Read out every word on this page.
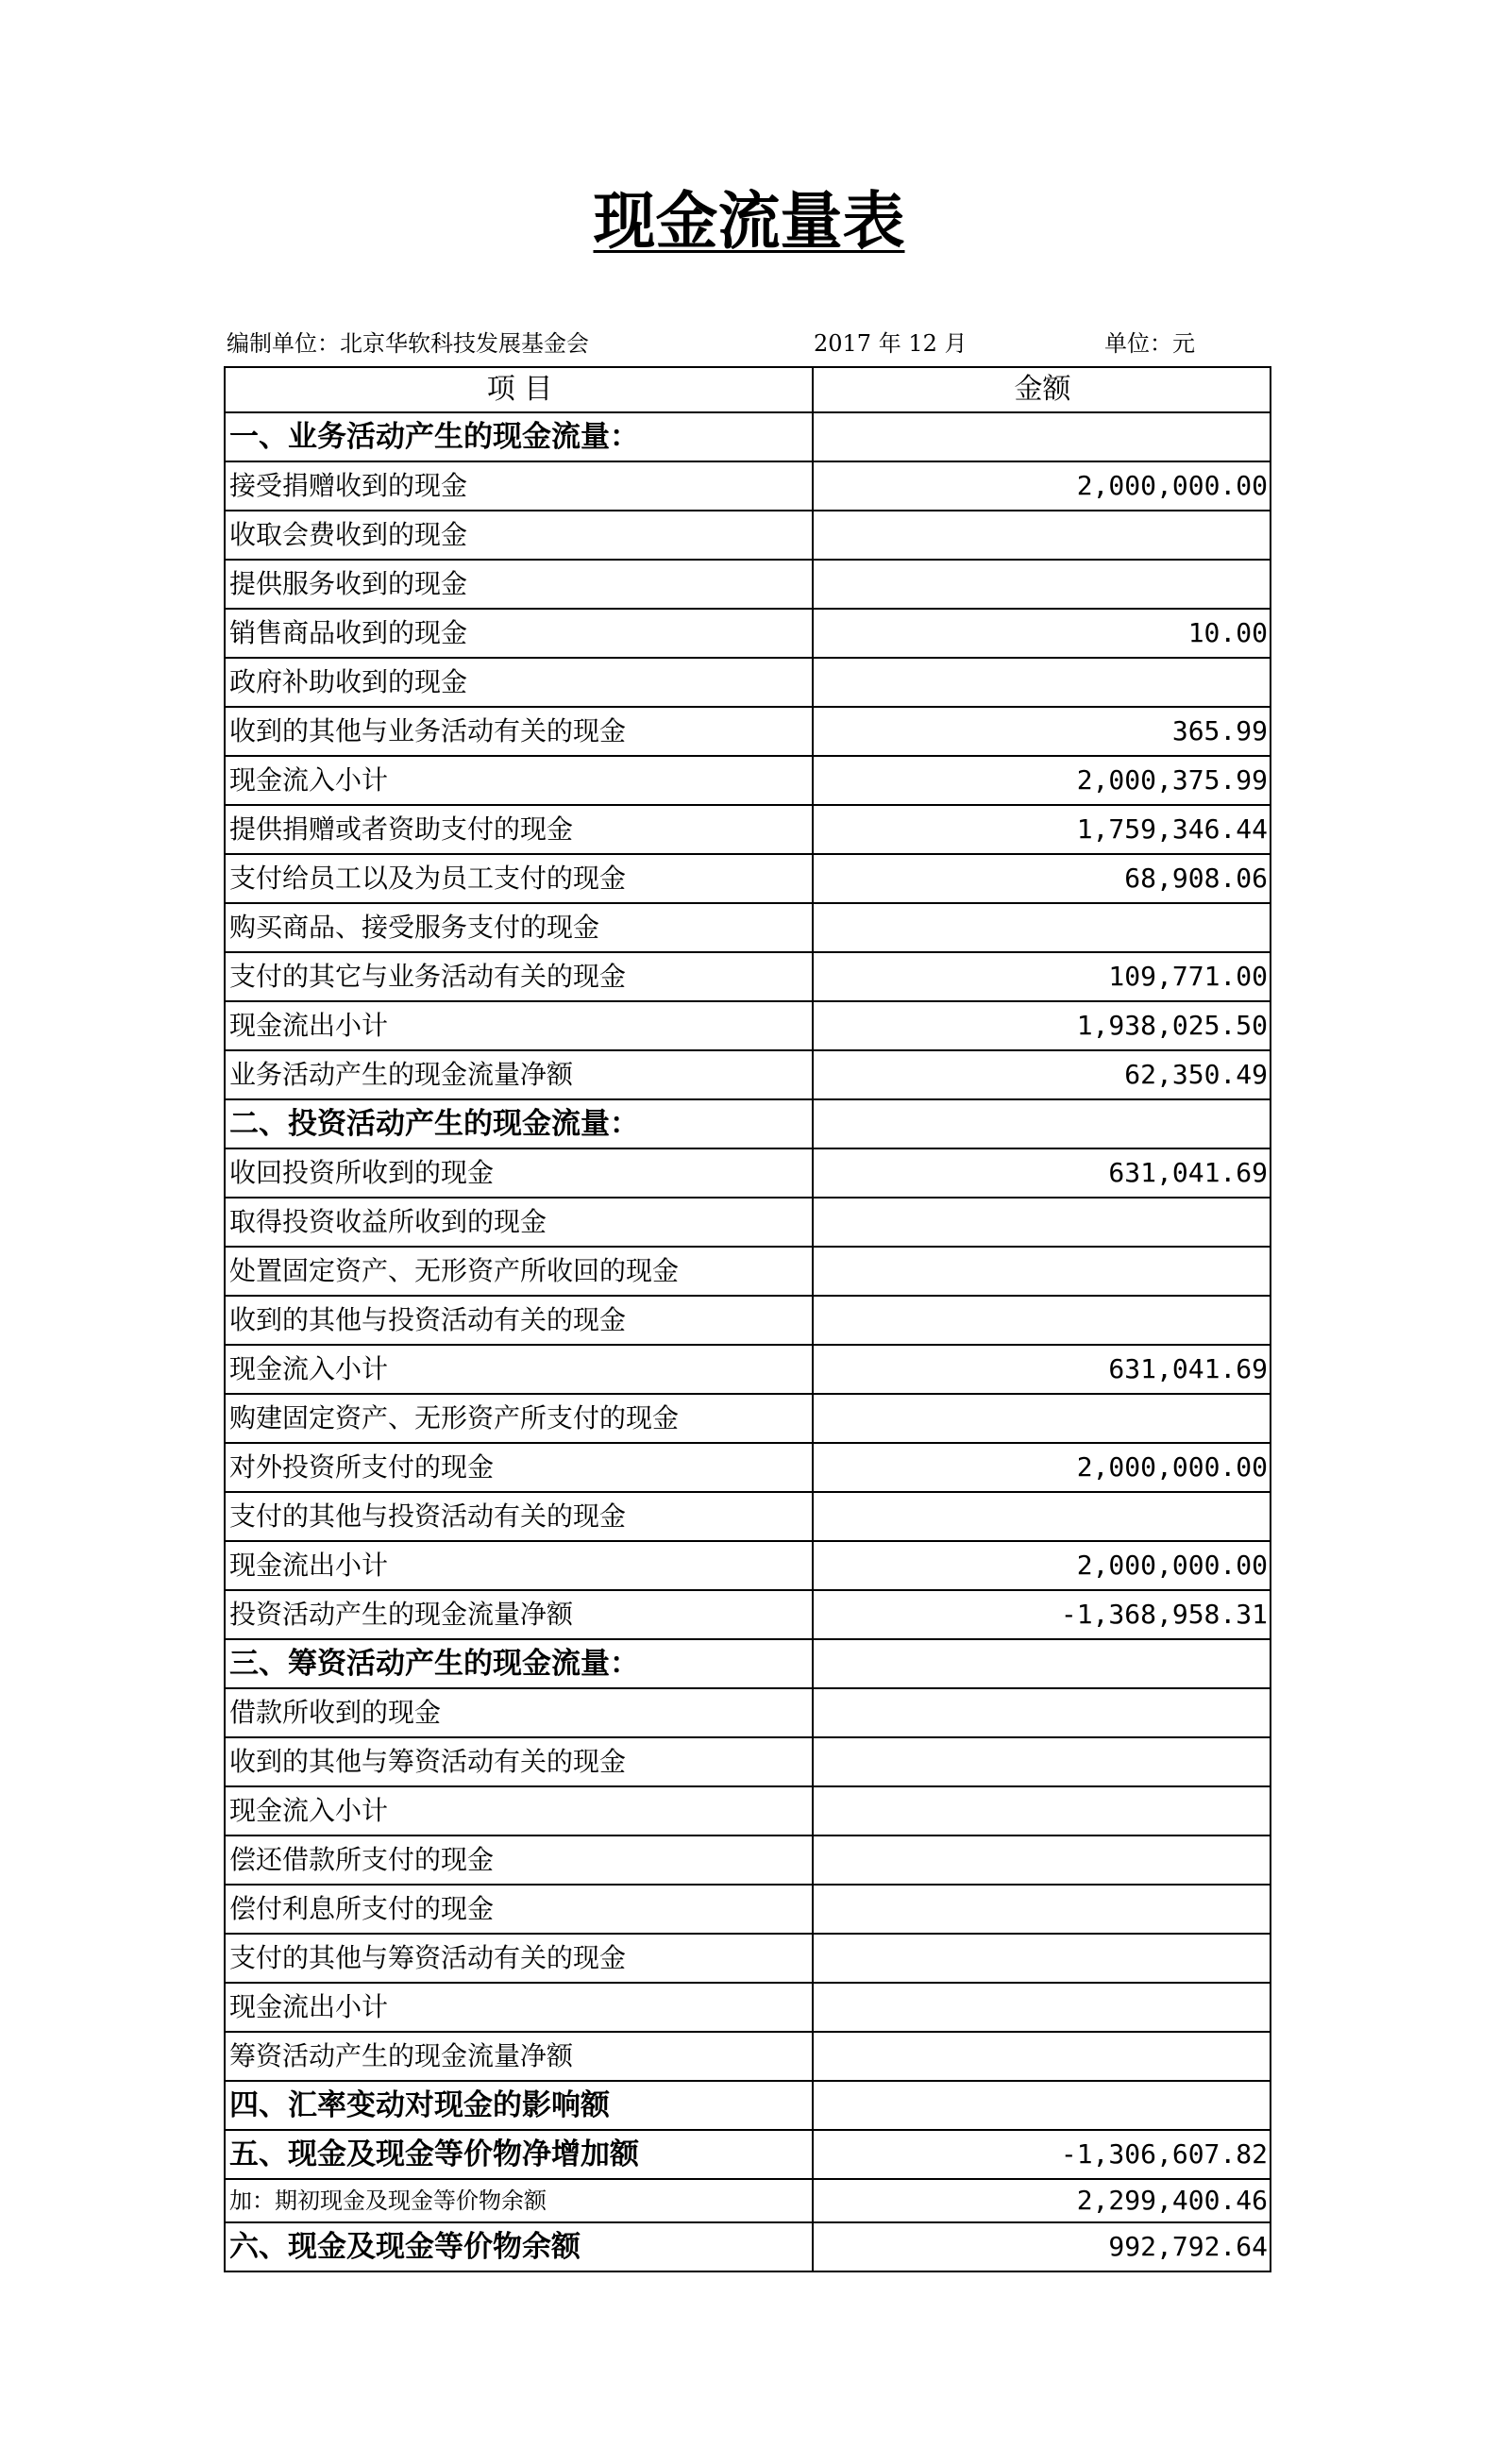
现金流量表
编制单位：北京华软科技发展基金会	2017 年 12 月	单位：元
项 目	金额
一、业务活动产生的现金流量：	
接受捐赠收到的现金	2,000,000.00
收取会费收到的现金	
提供服务收到的现金	
销售商品收到的现金	10.00
政府补助收到的现金	
收到的其他与业务活动有关的现金	365.99
现金流入小计	2,000,375.99
提供捐赠或者资助支付的现金	1,759,346.44
支付给员工以及为员工支付的现金	68,908.06
购买商品、接受服务支付的现金	
支付的其它与业务活动有关的现金	109,771.00
现金流出小计	1,938,025.50
业务活动产生的现金流量净额	62,350.49
二、投资活动产生的现金流量：	
收回投资所收到的现金	631,041.69
取得投资收益所收到的现金	
处置固定资产、无形资产所收回的现金	
收到的其他与投资活动有关的现金	
现金流入小计	631,041.69
购建固定资产、无形资产所支付的现金	
对外投资所支付的现金	2,000,000.00
支付的其他与投资活动有关的现金	
现金流出小计	2,000,000.00
投资活动产生的现金流量净额	-1,368,958.31
三、筹资活动产生的现金流量：	
借款所收到的现金	
收到的其他与筹资活动有关的现金	
现金流入小计	
偿还借款所支付的现金	
偿付利息所支付的现金	
支付的其他与筹资活动有关的现金	
现金流出小计	
筹资活动产生的现金流量净额	
四、汇率变动对现金的影响额	
五、现金及现金等价物净增加额	-1,306,607.82
加：期初现金及现金等价物余额	2,299,400.46
六、现金及现金等价物余额	992,792.64
